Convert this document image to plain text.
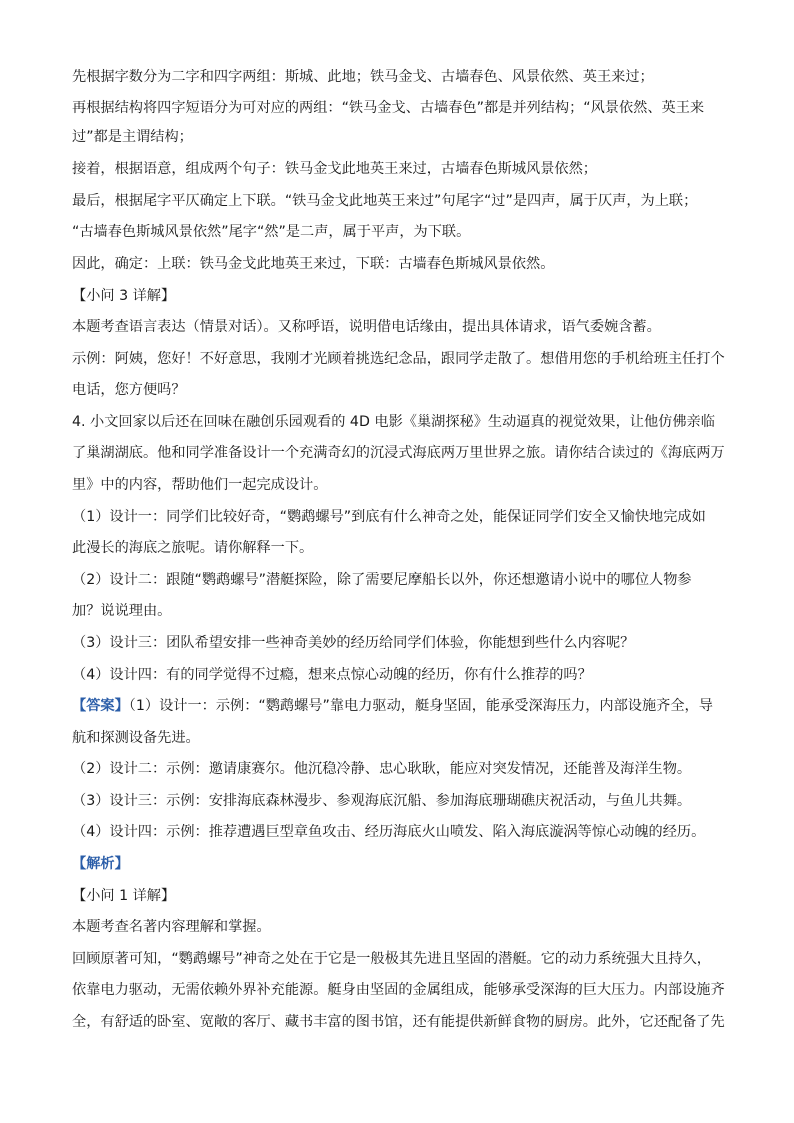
先根据字数分为二字和四字两组：斯城、此地；铁马金戈、古墙春色、风景依然、英王来过；
再根据结构将四字短语分为可对应的两组：“铁马金戈、古墙春色”都是并列结构；“风景依然、英王来
过”都是主谓结构；
接着，根据语意，组成两个句子：铁马金戈此地英王来过，古墙春色斯城风景依然；
最后，根据尾字平仄确定上下联。“铁马金戈此地英王来过”句尾字“过”是四声，属于仄声，为上联；
“古墙春色斯城风景依然”尾字“然”是二声，属于平声，为下联。
因此，确定：上联：铁马金戈此地英王来过，下联：古墙春色斯城风景依然。
【小问 3 详解】
本题考查语言表达（情景对话）。又称呼语，说明借电话缘由，提出具体请求，语气委婉含蓄。
示例：阿姨，您好！不好意思，我刚才光顾着挑选纪念品，跟同学走散了。想借用您的手机给班主任打个
电话，您方便吗？
4. 小文回家以后还在回味在融创乐园观看的 4D 电影《巢湖探秘》生动逼真的视觉效果，让他仿佛亲临
了巢湖湖底。他和同学准备设计一个充满奇幻的沉浸式海底两万里世界之旅。请你结合读过的《海底两万
里》中的内容，帮助他们一起完成设计。
（1）设计一：同学们比较好奇，“鹦鹉螺号”到底有什么神奇之处，能保证同学们安全又愉快地完成如
此漫长的海底之旅呢。请你解释一下。
（2）设计二：跟随“鹦鹉螺号”潜艇探险，除了需要尼摩船长以外，你还想邀请小说中的哪位人物参
加？说说理由。
（3）设计三：团队希望安排一些神奇美妙的经历给同学们体验，你能想到些什么内容呢？
（4）设计四：有的同学觉得不过瘾，想来点惊心动魄的经历，你有什么推荐的吗？
【答案】（1）设计一：示例：“鹦鹉螺号”靠电力驱动，艇身坚固，能承受深海压力，内部设施齐全，导
航和探测设备先进。
（2）设计二：示例：邀请康赛尔。他沉稳冷静、忠心耿耿，能应对突发情况，还能普及海洋生物。
（3）设计三：示例：安排海底森林漫步、参观海底沉船、参加海底珊瑚礁庆祝活动，与鱼儿共舞。
（4）设计四：示例：推荐遭遇巨型章鱼攻击、经历海底火山喷发、陷入海底漩涡等惊心动魄的经历。
【解析】
【小问 1 详解】
本题考查名著内容理解和掌握。
回顾原著可知，“鹦鹉螺号”神奇之处在于它是一般极其先进且坚固的潜艇。它的动力系统强大且持久，
依靠电力驱动，无需依赖外界补充能源。艇身由坚固的金属组成，能够承受深海的巨大压力。内部设施齐
全，有舒适的卧室、宽敞的客厅、藏书丰富的图书馆，还有能提供新鲜食物的厨房。此外，它还配备了先
